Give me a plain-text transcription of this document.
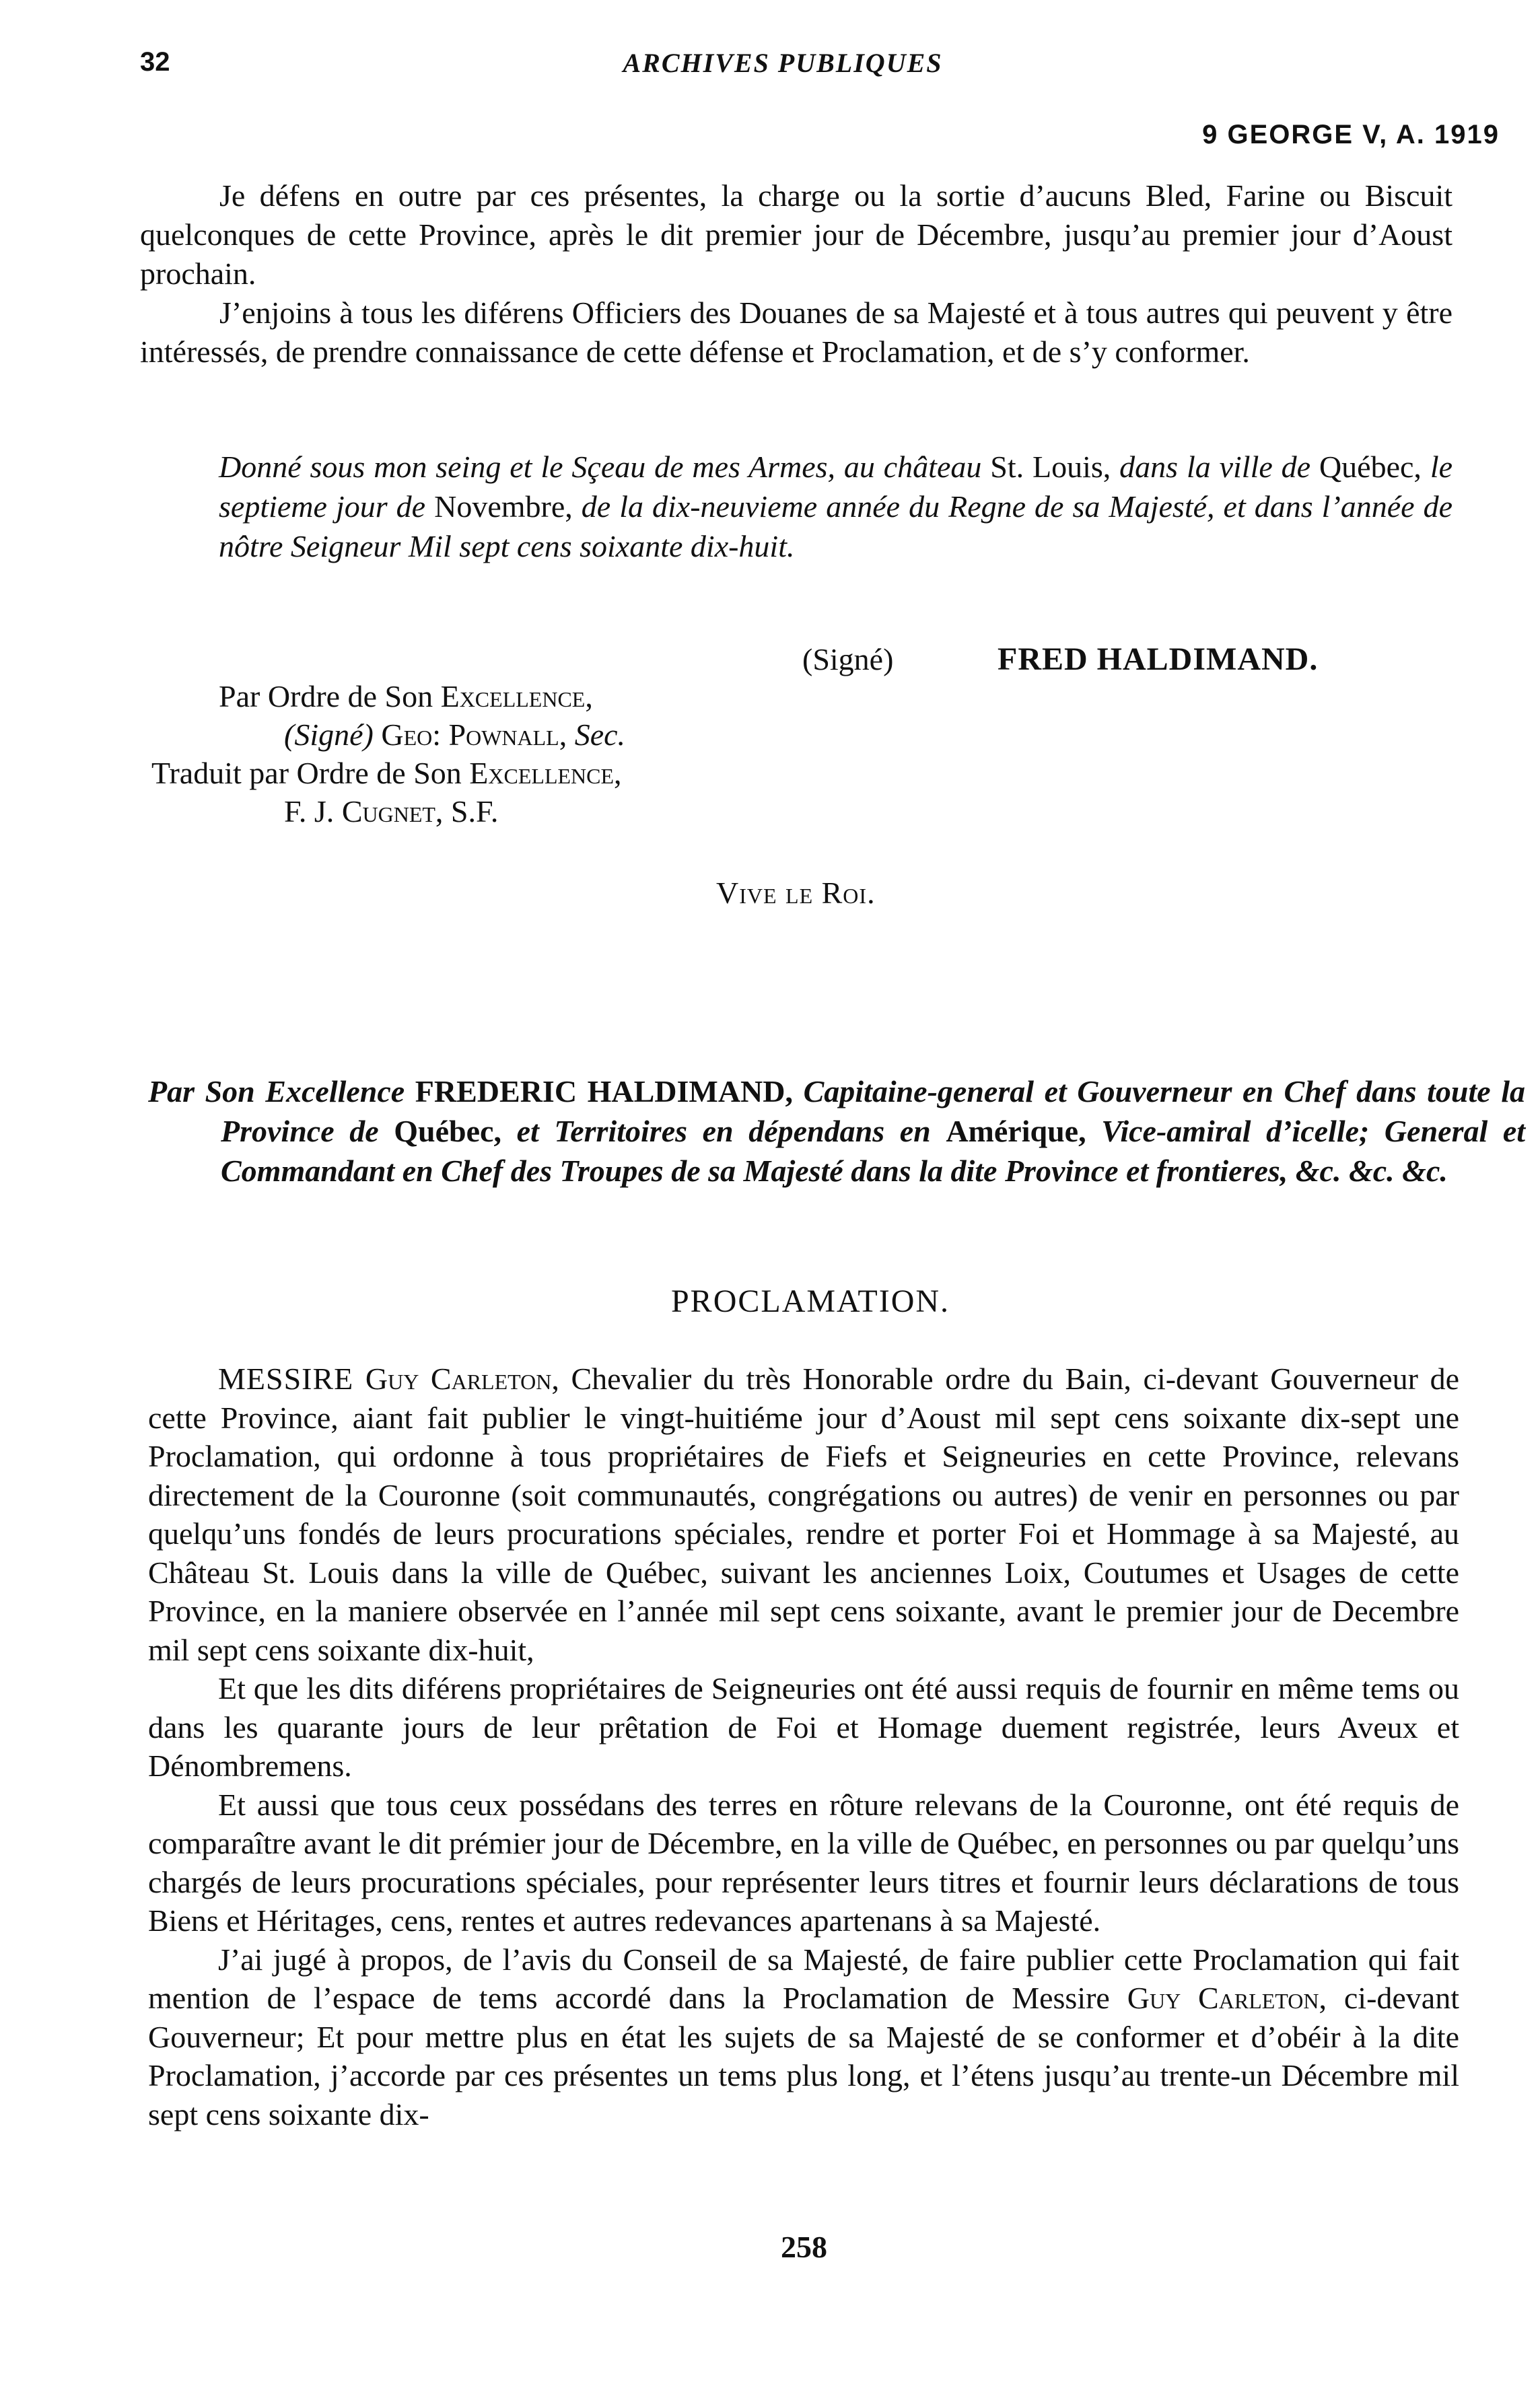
32	ARCHIVES PUBLIQUES
9 GEORGE V, A. 1919

Je défens en outre par ces présentes, la charge ou la sortie d’aucuns Bled, Farine ou Biscuit quelconques de cette Province, après le dit premier jour de Décembre, jusqu’au premier jour d’Aoust prochain.

J’enjoins à tous les diférens Officiers des Douanes de sa Majesté et à tous autres qui peuvent y être intéressés, de prendre connaissance de cette défense et Proclamation, et de s’y conformer.

Donné sous mon seing et le Sçeau de mes Armes, au château St. Louis, dans la ville de Québec, le septieme jour de Novembre, de la dix-neuvieme année du Regne de sa Majesté, et dans l’année de nôtre Seigneur Mil sept cens soixante dix-huit.
(Signé)	FRED HALDIMAND.
Par Ordre de Son Excellence,
(Signé) Geo: Pownall, Sec.
Traduit par Ordre de Son Excellence,
F. J. Cugnet, S.F.
Vive le Roi.
Par Son Excellence FREDERIC HALDIMAND, Capitaine-general et Gouverneur en Chef dans toute la Province de Québec, et Territoires en dépendans en Amérique, Vice-amiral d’icelle; General et Commandant en Chef des Troupes de sa Majesté dans la dite Province et frontieres, &c. &c. &c.
PROCLAMATION.

MESSIRE Guy Carleton, Chevalier du très Honorable ordre du Bain, ci-devant Gouverneur de cette Province, aiant fait publier le vingt-huitiéme jour d’Aoust mil sept cens soixante dix-sept une Proclamation, qui ordonne à tous propriétaires de Fiefs et Seigneuries en cette Province, relevans directement de la Couronne (soit communautés, congrégations ou autres) de venir en personnes ou par quelqu’uns fondés de leurs procurations spéciales, rendre et porter Foi et Hommage à sa Majesté, au Château St. Louis dans la ville de Québec, suivant les anciennes Loix, Coutumes et Usages de cette Province, en la maniere observée en l’année mil sept cens soixante, avant le premier jour de Decembre mil sept cens soixante dix-huit,

Et que les dits diférens propriétaires de Seigneuries ont été aussi requis de fournir en même tems ou dans les quarante jours de leur prêtation de Foi et Homage duement registrée, leurs Aveux et Dénombremens.

Et aussi que tous ceux possédans des terres en rôture relevans de la Couronne, ont été requis de comparaître avant le dit prémier jour de Décembre, en la ville de Québec, en personnes ou par quelqu’uns chargés de leurs procurations spéciales, pour représenter leurs titres et fournir leurs déclarations de tous Biens et Héritages, cens, rentes et autres redevances apartenans à sa Majesté.

J’ai jugé à propos, de l’avis du Conseil de sa Majesté, de faire publier cette Proclamation qui fait mention de l’espace de tems accordé dans la Proclamation de Messire Guy Carleton, ci-devant Gouverneur; Et pour mettre plus en état les sujets de sa Majesté de se conformer et d’obéir à la dite Proclamation, j’accorde par ces présentes un tems plus long, et l’étens jusqu’au trente-un Décembre mil sept cens soixante dix-

258
